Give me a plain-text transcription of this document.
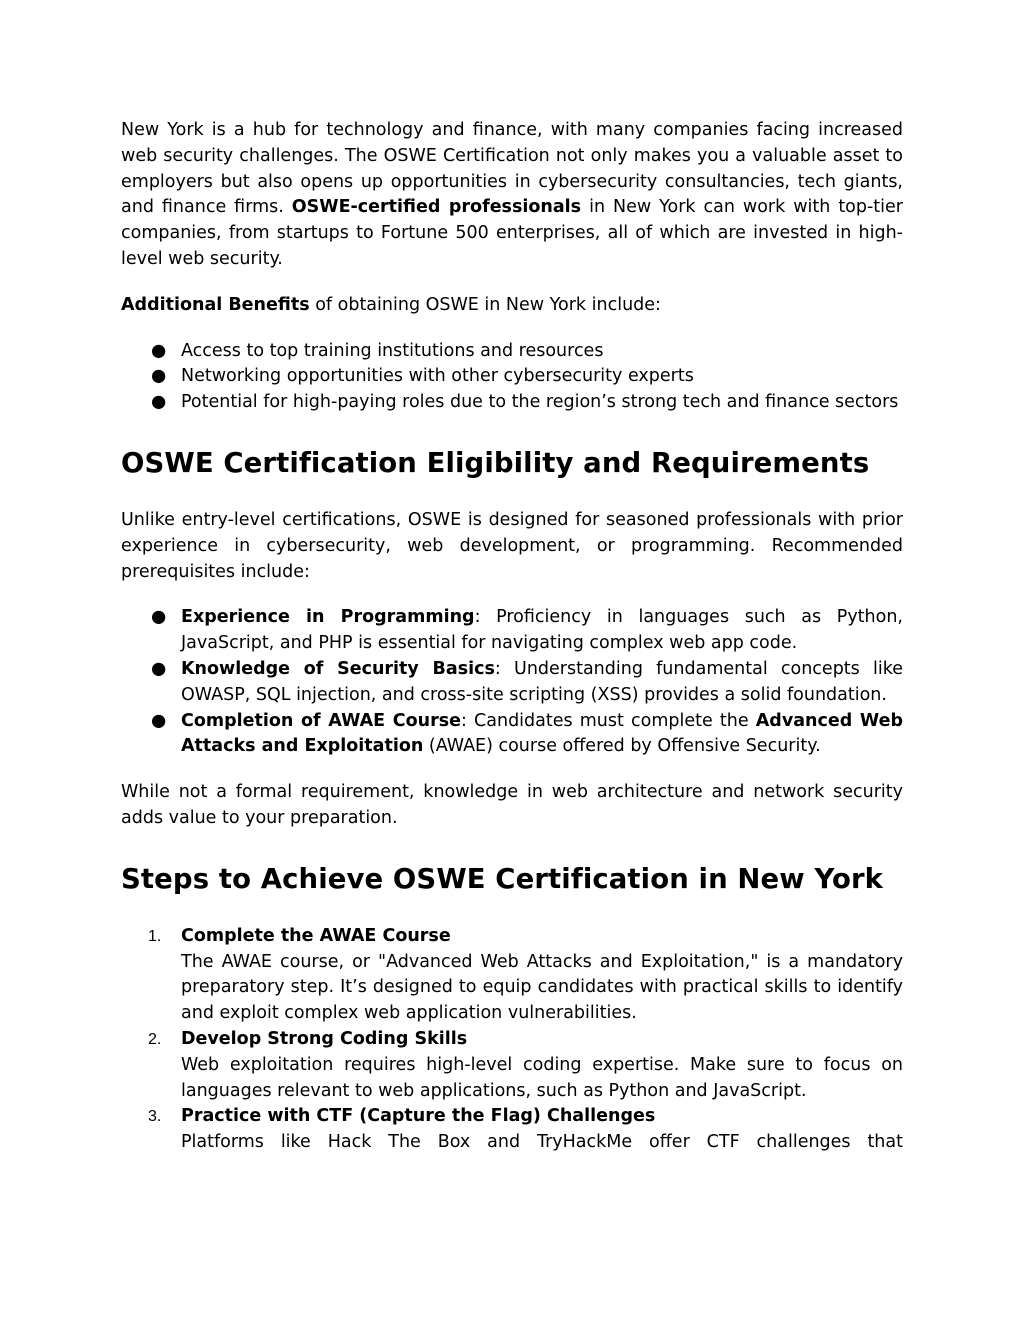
New York is a hub for technology and finance, with many companies facing increased web security challenges. The OSWE Certification not only makes you a valuable asset to employers but also opens up opportunities in cybersecurity consultancies, tech giants, and finance firms. OSWE-certified professionals in New York can work with top-tier companies, from startups to Fortune 500 enterprises, all of which are invested in high-level web security.

Additional Benefits of obtaining OSWE in New York include:

● Access to top training institutions and resources
● Networking opportunities with other cybersecurity experts
● Potential for high-paying roles due to the region’s strong tech and finance sectors
OSWE Certification Eligibility and Requirements

Unlike entry-level certifications, OSWE is designed for seasoned professionals with prior experience in cybersecurity, web development, or programming. Recommended prerequisites include:

● Experience in Programming: Proficiency in languages such as Python, JavaScript, and PHP is essential for navigating complex web app code.
● Knowledge of Security Basics: Understanding fundamental concepts like OWASP, SQL injection, and cross-site scripting (XSS) provides a solid foundation.
● Completion of AWAE Course: Candidates must complete the Advanced Web Attacks and Exploitation (AWAE) course offered by Offensive Security.

While not a formal requirement, knowledge in web architecture and network security adds value to your preparation.

Steps to Achieve OSWE Certification in New York
1. Complete the AWAE Course
The AWAE course, or "Advanced Web Attacks and Exploitation," is a mandatory preparatory step. It’s designed to equip candidates with practical skills to identify and exploit complex web application vulnerabilities.
2. Develop Strong Coding Skills
Web exploitation requires high-level coding expertise. Make sure to focus on languages relevant to web applications, such as Python and JavaScript.
3. Practice with CTF (Capture the Flag) Challenges
Platforms like Hack The Box and TryHackMe offer CTF challenges that
